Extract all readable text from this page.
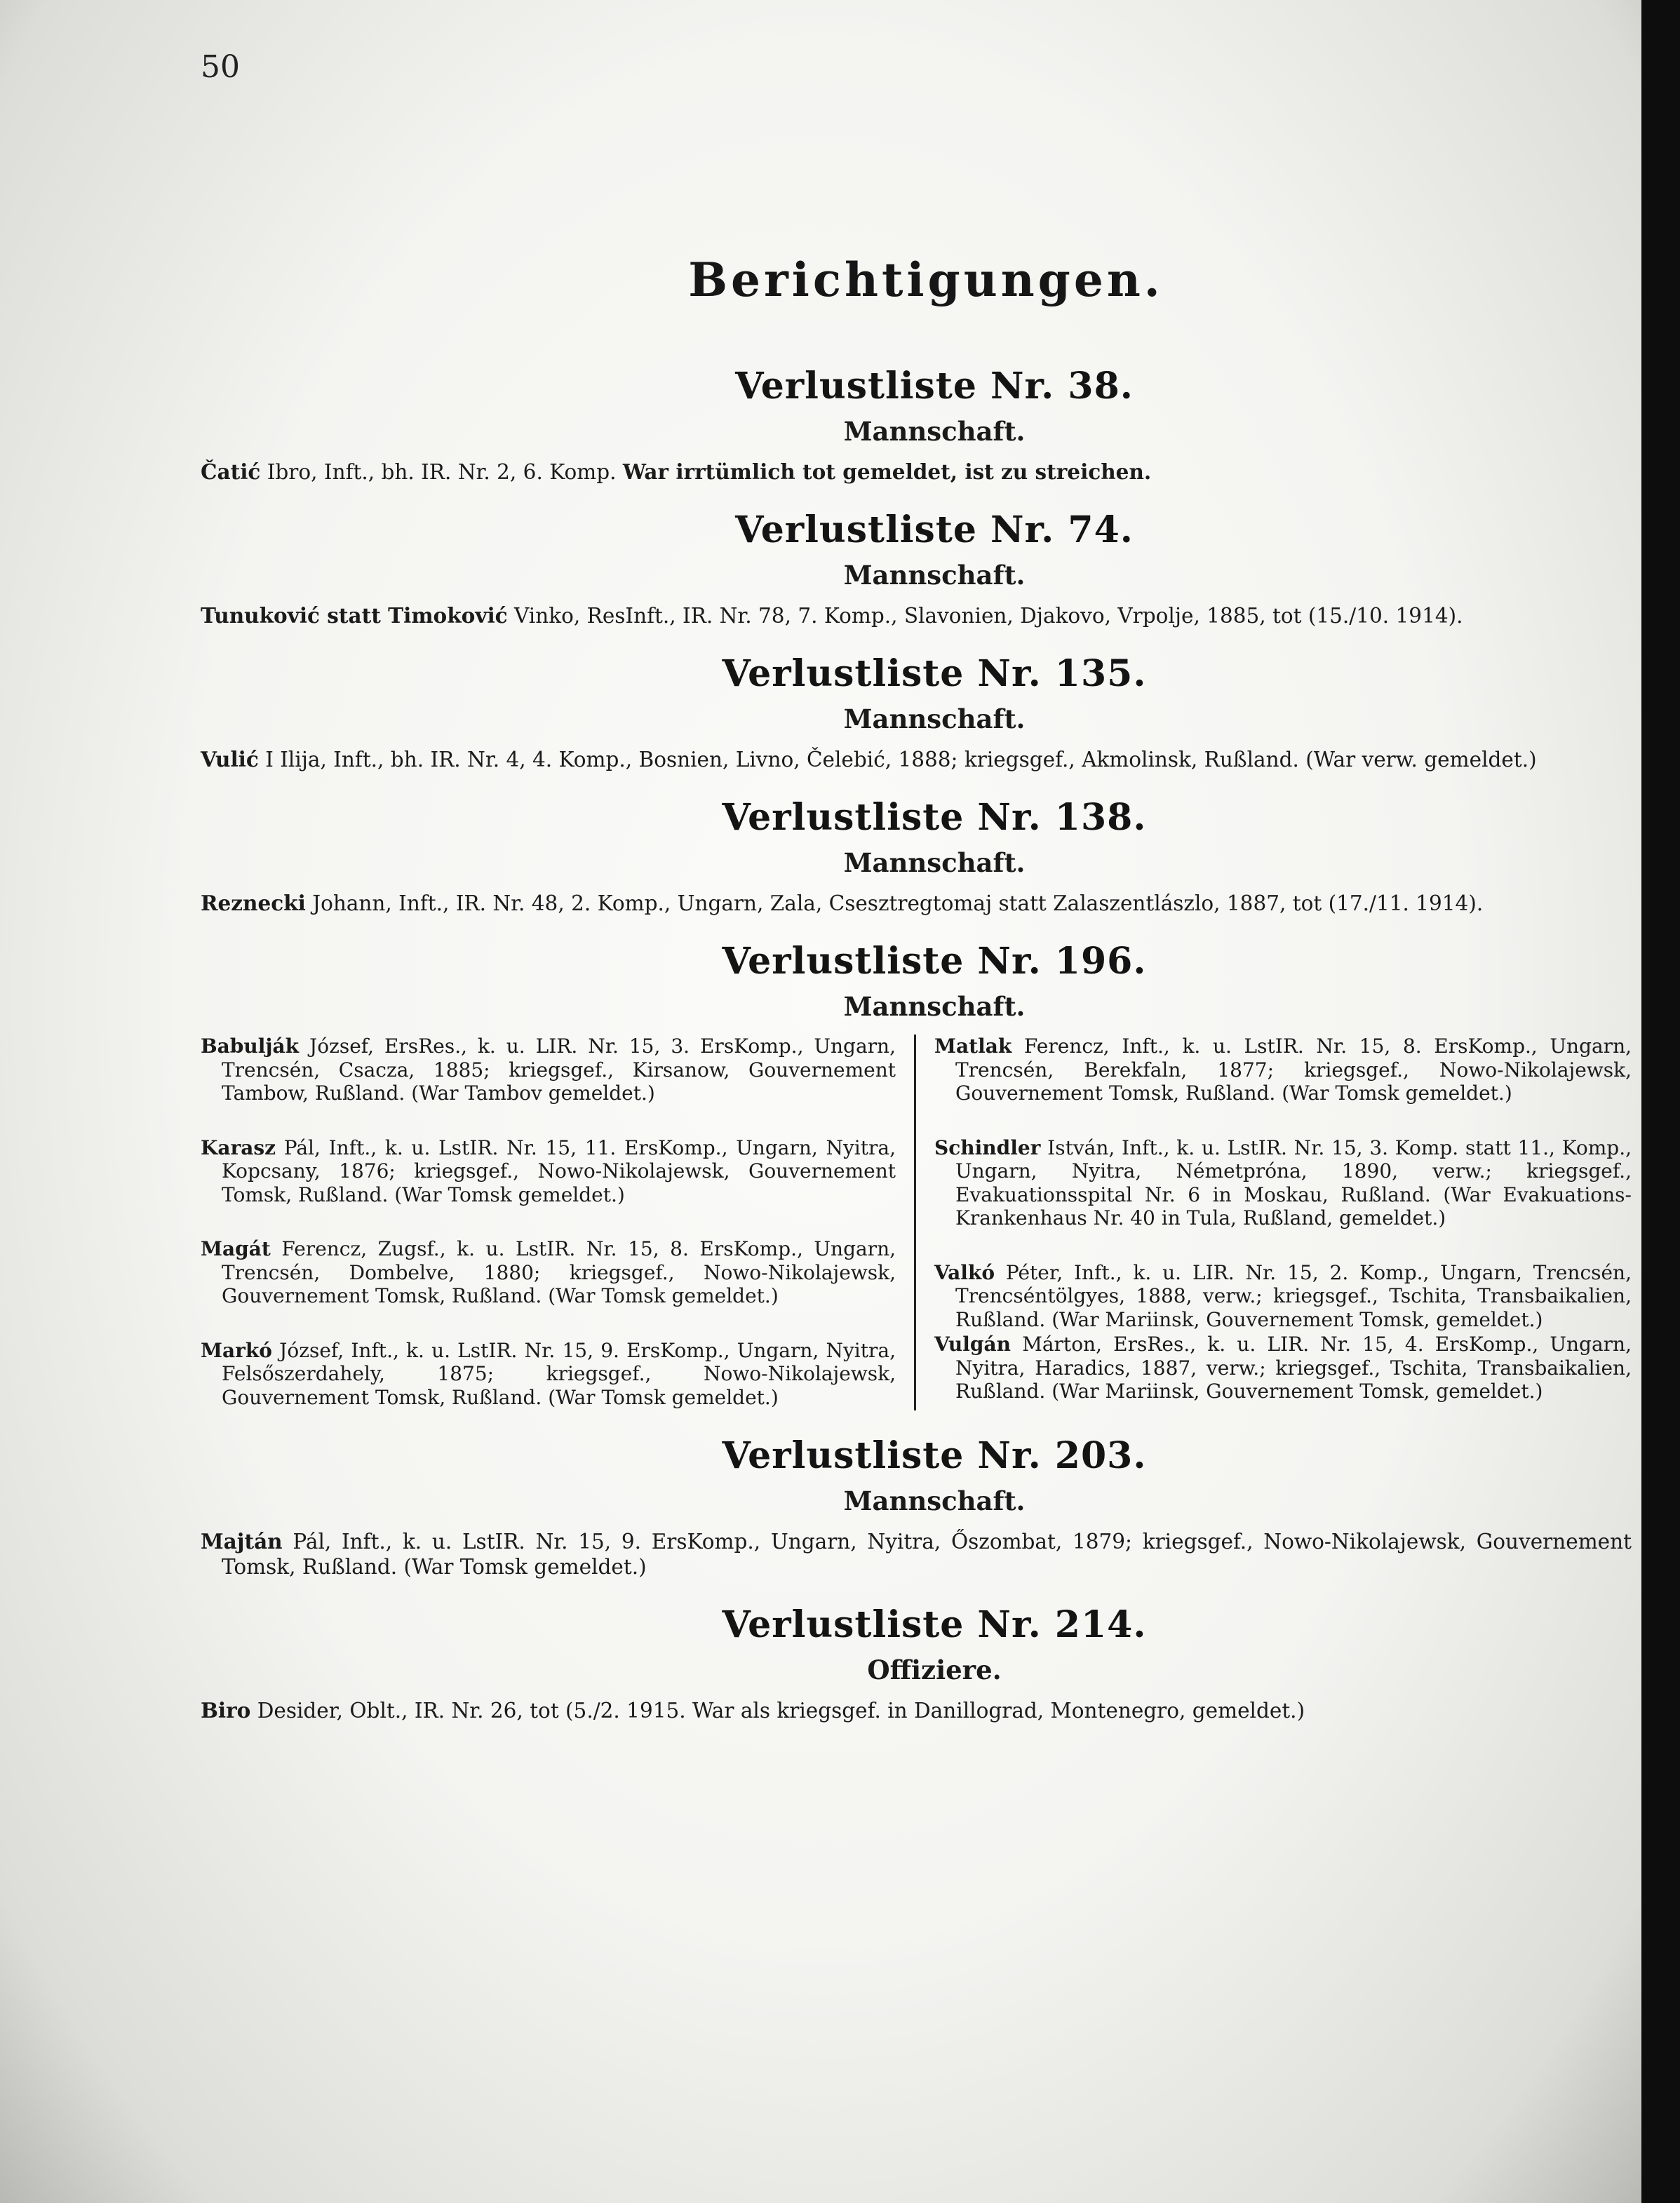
50

Berichtigungen.
Verlustliste Nr. 38.
Mannschaft.

Čatić Ibro, Inft., bh. IR. Nr. 2, 6. Komp. War irrtümlich tot gemeldet, ist zu streichen.

Verlustliste Nr. 74.
Mannschaft.

Tunuković statt Timoković Vinko, ResInft., IR. Nr. 78, 7. Komp., Slavonien, Djakovo, Vrpolje, 1885, tot (15./10. 1914).

Verlustliste Nr. 135.
Mannschaft.

Vulić I Ilija, Inft., bh. IR. Nr. 4, 4. Komp., Bosnien, Livno, Čelebić, 1888; kriegsgef., Akmolinsk, Rußland. (War verw. gemeldet.)

Verlustliste Nr. 138.
Mannschaft.

Reznecki Johann, Inft., IR. Nr. 48, 2. Komp., Ungarn, Zala, Csesztregtomaj statt Zalaszentlászlo, 1887, tot (17./11. 1914).

Verlustliste Nr. 196.
Mannschaft.

Babulják József, ErsRes., k. u. LIR. Nr. 15, 3. ErsKomp., Ungarn, Trencsén, Csacza, 1885; kriegsgef., Kirsanow, Gouvernement Tambow, Rußland. (War Tambov gemeldet.)

Karasz Pál, Inft., k. u. LstIR. Nr. 15, 11. ErsKomp., Ungarn, Nyitra, Kopcsany, 1876; kriegsgef., Nowo-Nikolajewsk, Gouvernement Tomsk, Rußland. (War Tomsk gemeldet.)

Magát Ferencz, Zugsf., k. u. LstIR. Nr. 15, 8. ErsKomp., Ungarn, Trencsén, Dombelve, 1880; kriegsgef., Nowo-Nikolajewsk, Gouvernement Tomsk, Rußland. (War Tomsk gemeldet.)

Markó József, Inft., k. u. LstIR. Nr. 15, 9. ErsKomp., Ungarn, Nyitra, Felsőszerdahely, 1875; kriegsgef., Nowo-Nikolajewsk, Gouvernement Tomsk, Rußland. (War Tomsk gemeldet.)

Matlak Ferencz, Inft., k. u. LstIR. Nr. 15, 8. ErsKomp., Ungarn, Trencsén, Berekfaln, 1877; kriegsgef., Nowo-Nikolajewsk, Gouvernement Tomsk, Rußland. (War Tomsk gemeldet.)

Schindler István, Inft., k. u. LstIR. Nr. 15, 3. Komp. statt 11., Komp., Ungarn, Nyitra, Németpróna, 1890, verw.; kriegsgef., Evakuationsspital Nr. 6 in Moskau, Rußland. (War Evakuations-Krankenhaus Nr. 40 in Tula, Rußland, gemeldet.)

Valkó Péter, Inft., k. u. LIR. Nr. 15, 2. Komp., Ungarn, Trencsén, Trencséntölgyes, 1888, verw.; kriegsgef., Tschita, Transbaikalien, Rußland. (War Mariinsk, Gouvernement Tomsk, gemeldet.)

Vulgán Márton, ErsRes., k. u. LIR. Nr. 15, 4. ErsKomp., Ungarn, Nyitra, Haradics, 1887, verw.; kriegsgef., Tschita, Transbaikalien, Rußland. (War Mariinsk, Gouvernement Tomsk, gemeldet.)

Verlustliste Nr. 203.
Mannschaft.

Majtán Pál, Inft., k. u. LstIR. Nr. 15, 9. ErsKomp., Ungarn, Nyitra, Őszombat, 1879; kriegsgef., Nowo-Nikolajewsk, Gouvernement Tomsk, Rußland. (War Tomsk gemeldet.)

Verlustliste Nr. 214.
Offiziere.

Biro Desider, Oblt., IR. Nr. 26, tot (5./2. 1915. War als kriegsgef. in Danillograd, Montenegro, gemeldet.)
